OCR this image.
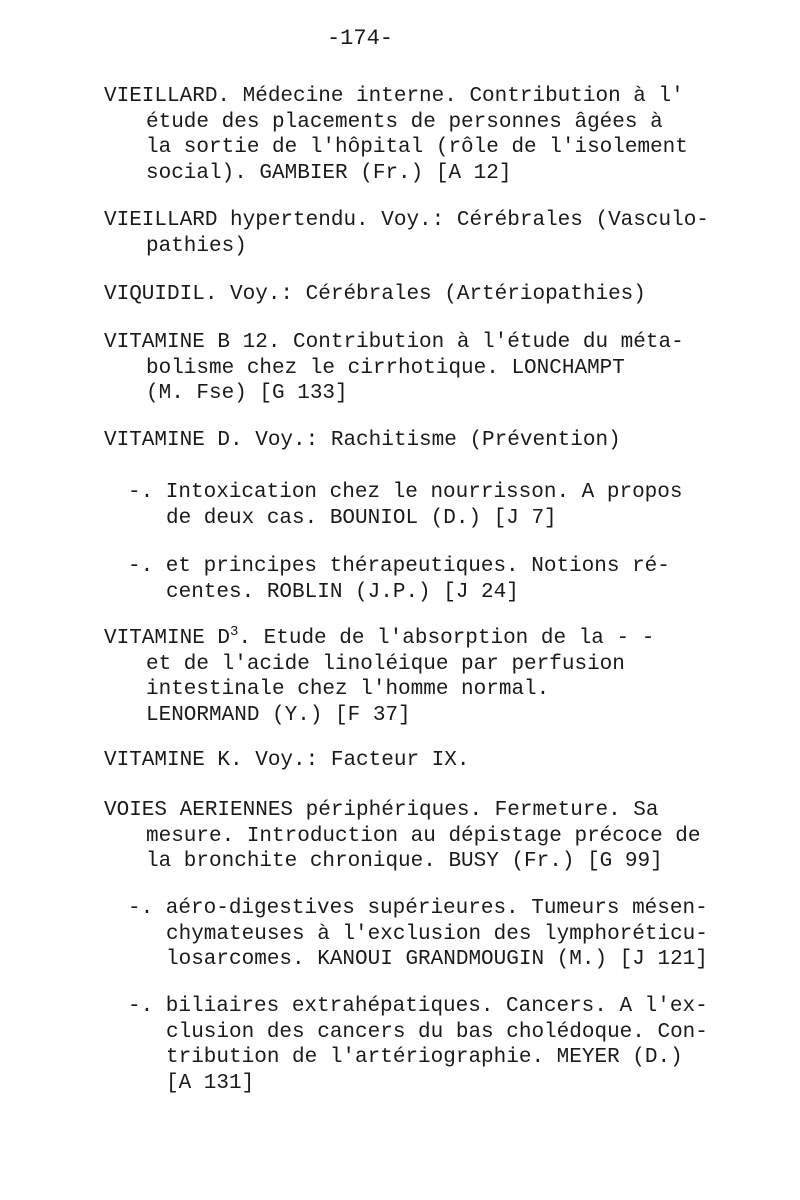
-174-
VIEILLARD. Médecine interne. Contribution à l'
étude des placements de personnes âgées à
la sortie de l'hôpital (rôle de l'isolement
social). GAMBIER (Fr.) [A 12]
VIEILLARD hypertendu. Voy.: Cérébrales (Vasculo-
pathies)
VIQUIDIL. Voy.: Cérébrales (Artériopathies)
VITAMINE B 12. Contribution à l'étude du méta-
bolisme chez le cirrhotique. LONCHAMPT
(M. Fse) [G 133]
VITAMINE D. Voy.: Rachitisme (Prévention)
-. Intoxication chez le nourrisson. A propos
de deux cas. BOUNIOL (D.) [J 7]
-. et principes thérapeutiques. Notions ré-
centes. ROBLIN (J.P.) [J 24]
VITAMINE $D^3$. Etude de l'absorption de la - -
et de l'acide linoléique par perfusion
intestinale chez l'homme normal.
LENORMAND (Y.) [F 37]
VITAMINE K. Voy.: Facteur IX.
VOIES AERIENNES périphériques. Fermeture. Sa
mesure. Introduction au dépistage précoce de
la bronchite chronique. BUSY (Fr.) [G 99]
-. aéro-digestives supérieures. Tumeurs mésen-
chymateuses à l'exclusion des lymphoréticu-
losarcomes. KANOUI GRANDMOUGIN (M.) [J 121]
-. biliaires extrahépatiques. Cancers. A l'ex-
clusion des cancers du bas cholédoque. Con-
tribution de l'artériographie. MEYER (D.)
[A 131]
